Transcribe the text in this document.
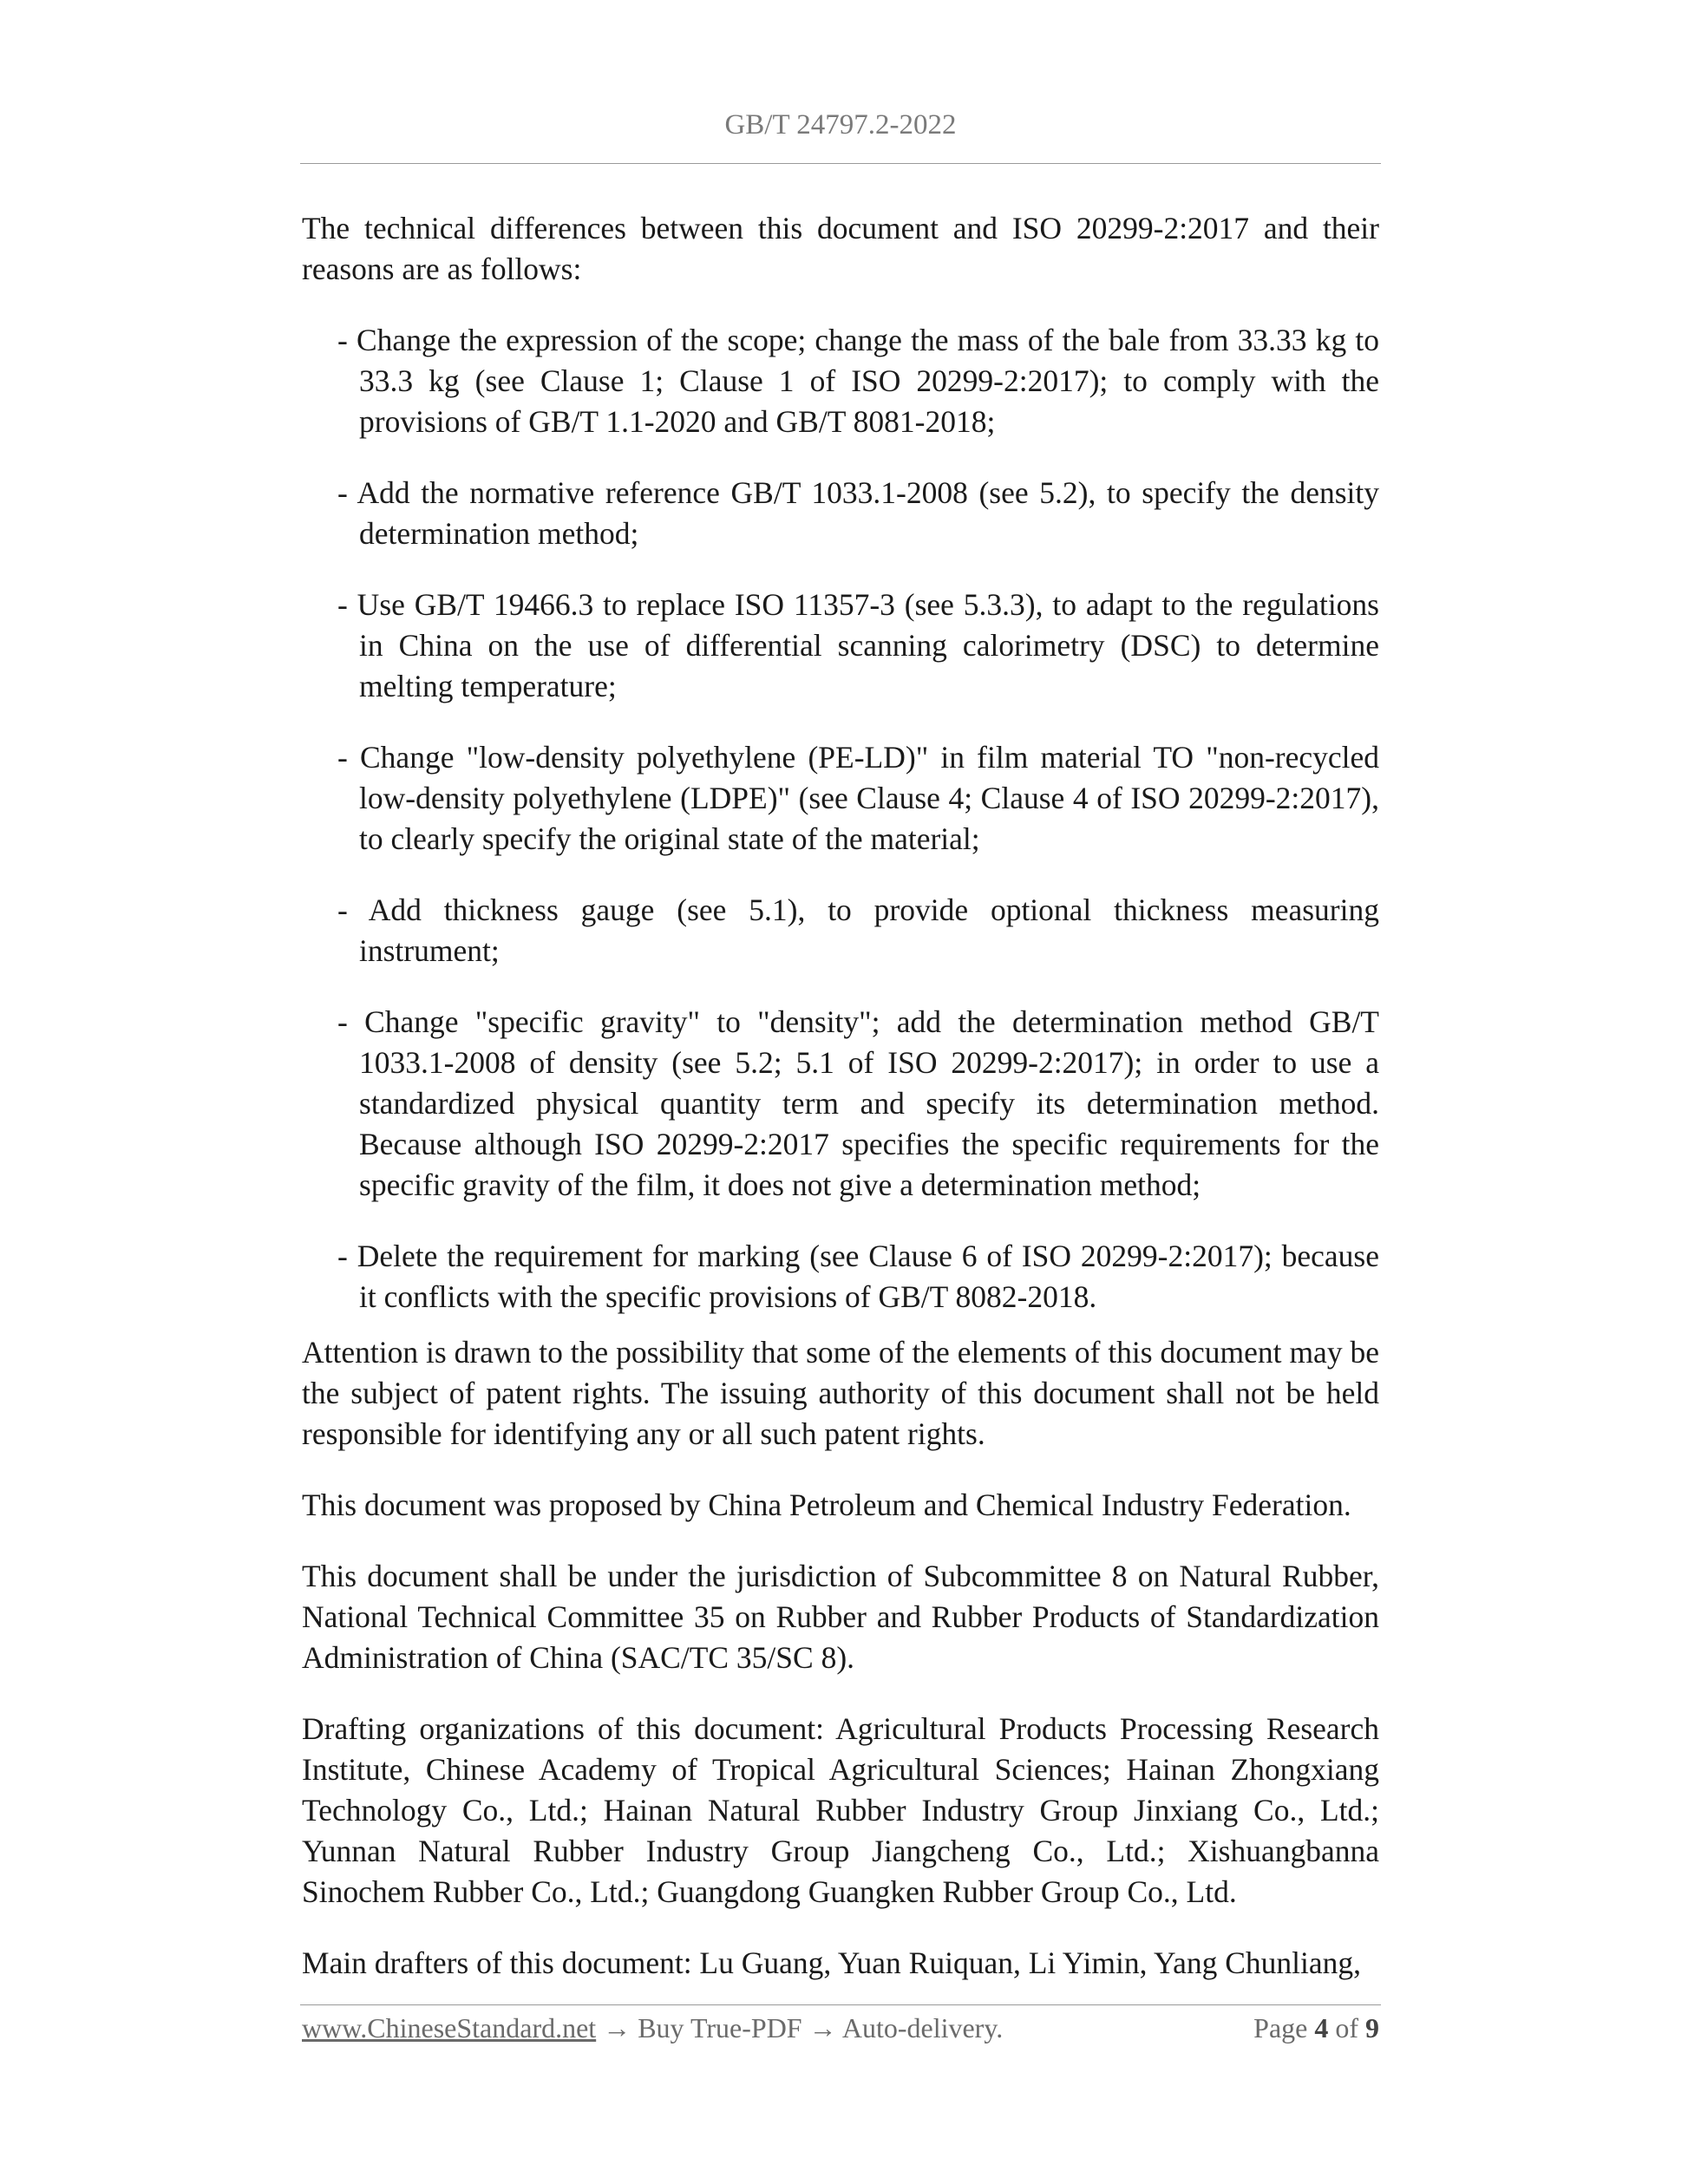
GB/T 24797.2-2022

The technical differences between this document and ISO 20299-2:2017 and their reasons are as follows:

- Change the expression of the scope; change the mass of the bale from 33.33 kg to 33.3 kg (see Clause 1; Clause 1 of ISO 20299-2:2017); to comply with the provisions of GB/T 1.1-2020 and GB/T 8081-2018;
- Add the normative reference GB/T 1033.1-2008 (see 5.2), to specify the density determination method;
- Use GB/T 19466.3 to replace ISO 11357-3 (see 5.3.3), to adapt to the regulations in China on the use of differential scanning calorimetry (DSC) to determine melting temperature;
- Change "low-density polyethylene (PE-LD)" in film material TO "non-recycled low-density polyethylene (LDPE)" (see Clause 4; Clause 4 of ISO 20299-2:2017), to clearly specify the original state of the material;
- Add thickness gauge (see 5.1), to provide optional thickness measuring instrument;
- Change "specific gravity" to "density"; add the determination method GB/T 1033.1-2008 of density (see 5.2; 5.1 of ISO 20299-2:2017); in order to use a standardized physical quantity term and specify its determination method. Because although ISO 20299-2:2017 specifies the specific requirements for the specific gravity of the film, it does not give a determination method;
- Delete the requirement for marking (see Clause 6 of ISO 20299-2:2017); because it conflicts with the specific provisions of GB/T 8082-2018.

Attention is drawn to the possibility that some of the elements of this document may be the subject of patent rights. The issuing authority of this document shall not be held responsible for identifying any or all such patent rights.

This document was proposed by China Petroleum and Chemical Industry Federation.

This document shall be under the jurisdiction of Subcommittee 8 on Natural Rubber, National Technical Committee 35 on Rubber and Rubber Products of Standardization Administration of China (SAC/TC 35/SC 8).

Drafting organizations of this document: Agricultural Products Processing Research Institute, Chinese Academy of Tropical Agricultural Sciences; Hainan Zhongxiang Technology Co., Ltd.; Hainan Natural Rubber Industry Group Jinxiang Co., Ltd.; Yunnan Natural Rubber Industry Group Jiangcheng Co., Ltd.; Xishuangbanna Sinochem Rubber Co., Ltd.; Guangdong Guangken Rubber Group Co., Ltd.

Main drafters of this document: Lu Guang, Yuan Ruiquan, Li Yimin, Yang Chunliang,

www.ChineseStandard.net → Buy True-PDF → Auto-delivery.	Page 4 of 9
